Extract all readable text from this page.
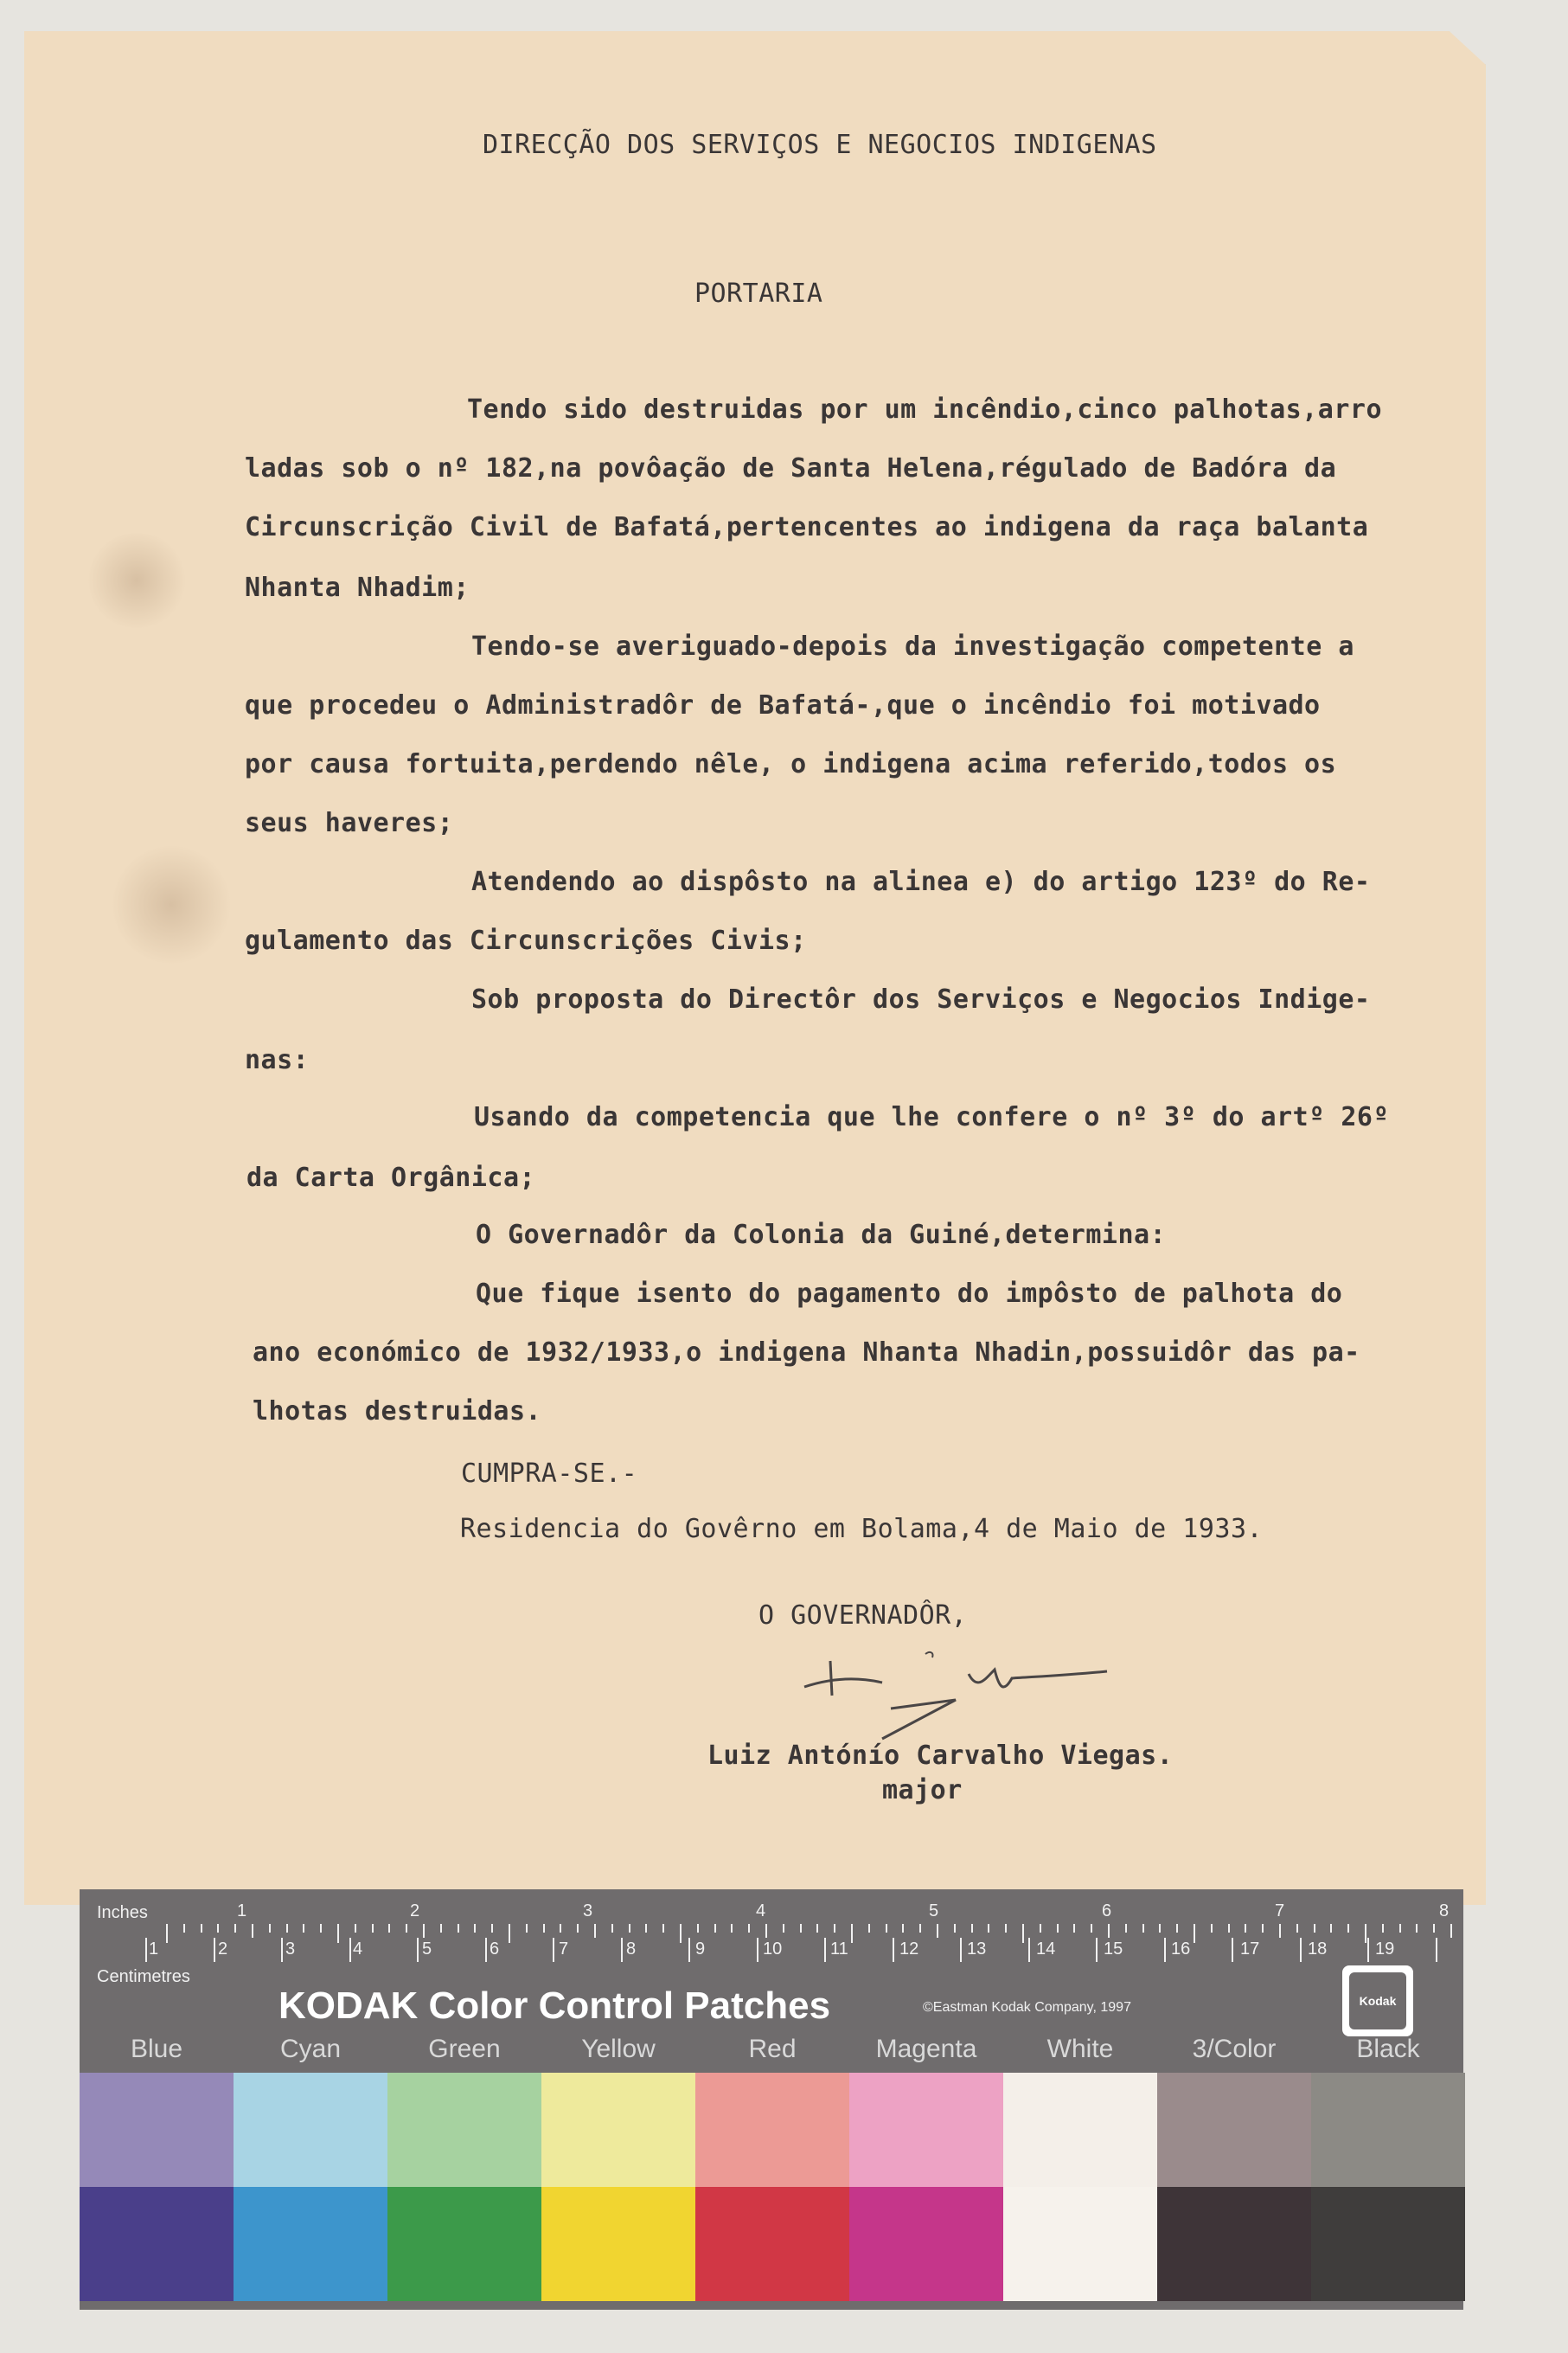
DIRECÇÃO DOS SERVIÇOS E NEGOCIOS INDIGENAS
PORTARIA
Tendo sido destruidas por um incêndio,cinco palhotas,arro
ladas sob o nº 182,na povôação de Santa Helena,régulado de Badóra da
Circunscrição Civil de Bafatá,pertencentes ao indigena da raça balanta
Nhanta Nhadim;
Tendo-se averiguado-depois da investigação competente a
que procedeu o Administradôr de Bafatá-,que o incêndio foi motivado
por causa fortuita,perdendo nêle, o indigena acima referido,todos os
seus haveres;
Atendendo ao dispôsto na alinea e) do artigo 123º do Re-
gulamento das Circunscrições Civis;
Sob proposta do Directôr dos Serviços e Negocios Indige-
nas:
Usando da competencia que lhe confere o nº 3º do artº 26º
da Carta Orgânica;
O Governadôr da Colonia da Guiné,determina:
Que fique isento do pagamento do impôsto de palhota do
ano económico de 1932/1933,o indigena Nhanta Nhadin,possuidôr das pa-
lhotas destruidas.
CUMPRA-SE.-
Residencia do Govêrno em Bolama,4 de Maio de 1933.
O GOVERNADÔR,
Luiz Antónío Carvalho Viegas.
major
Inches	1	2	3	4	5	6	7	8
Centimetres
1	2	3	4	5	6	7	8	9	10	11	12	13	14	15	16	17	18	19
KODAK Color Control Patches	©Eastman Kodak Company, 1997	Kodak
Blue	Cyan	Green	Yellow	Red	Magenta	White	3/Color	Black
